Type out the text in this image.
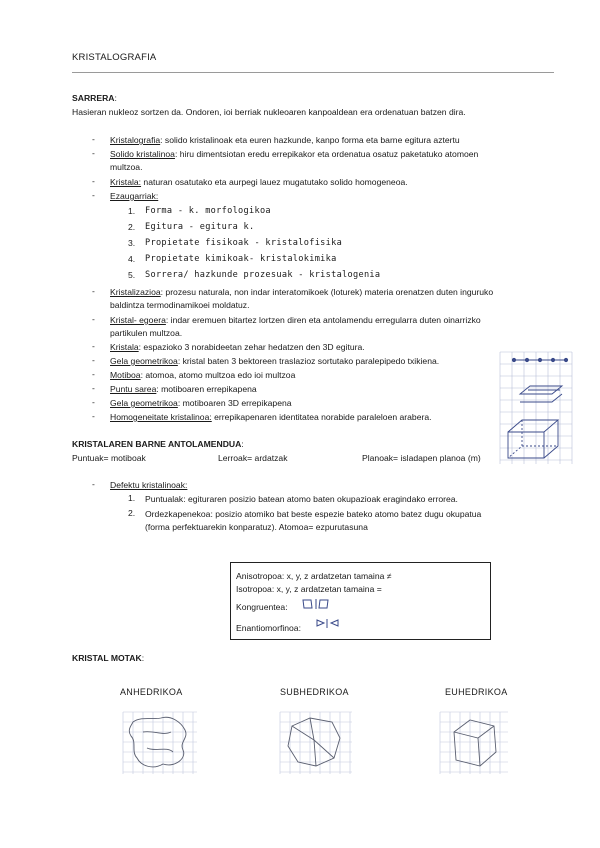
KRISTALOGRAFIA
SARRERA:
Hasieran nukleoz sortzen da. Ondoren, ioi berriak nukleoaren kanpoaldean era ordenatuan batzen dira.
- Kristalografia: solido kristalinoak eta euren hazkunde, kanpo forma eta barne egitura aztertu
- Solido kristalinoa: hiru dimentsiotan eredu errepikakor eta ordenatua osatuz paketatuko atomoen
multzoa.
- Kristala: naturan osatutako eta aurpegi lauez mugatutako solido homogeneoa.
- Ezaugarriak:
1. Forma - k. morfologikoa
2. Egitura - egitura k.
3. Propietate fisikoak - kristalofisika
4. Propietate kimikoak- kristalokimika
5. Sorrera/ hazkunde prozesuak - kristalogenia
- Kristalizazioa: prozesu naturala, non indar interatomikoek (loturek) materia orenatzen duten inguruko
baldintza termodinamikoei moldatuz.
- Kristal- egoera: indar eremuen bitartez lortzen diren eta antolamendu erregularra duten oinarrizko
partikulen multzoa.
- Kristala: espazioko 3 norabideetan zehar hedatzen den 3D egitura.
- Gela geometrikoa: kristal baten 3 bektoreen traslazioz sortutako paralepipedo txikiena.
- Motiboa: atomoa, atomo multzoa edo ioi multzoa
- Puntu sarea: motiboaren errepikapena
- Gela geometrikoa: motiboaren 3D errepikapena
- Homogeneitate kristalinoa: errepikapenaren identitatea norabide paraleloen arabera.
KRISTALAREN BARNE ANTOLAMENDUA:
Puntuak= motiboak	Lerroak= ardatzak	Planoak= isladapen planoa (m)
- Defektu kristalinoak:
1. Puntualak: egituraren posizio batean atomo baten okupazioak eragindako errorea.
2. Ordezkapenekoa: posizio atomiko bat beste espezie bateko atomo batez dugu okupatua
(forma perfektuarekin konparatuz). Atomoa= ezpurutasuna
Anisotropoa: x, y, z ardatzetan tamaina ≠
Isotropoa: x, y, z ardatzetan tamaina =
Kongruentea:
Enantiomorfinoa:
KRISTAL MOTAK:
ANHEDRIKOA	SUBHEDRIKOA	EUHEDRIKOA
